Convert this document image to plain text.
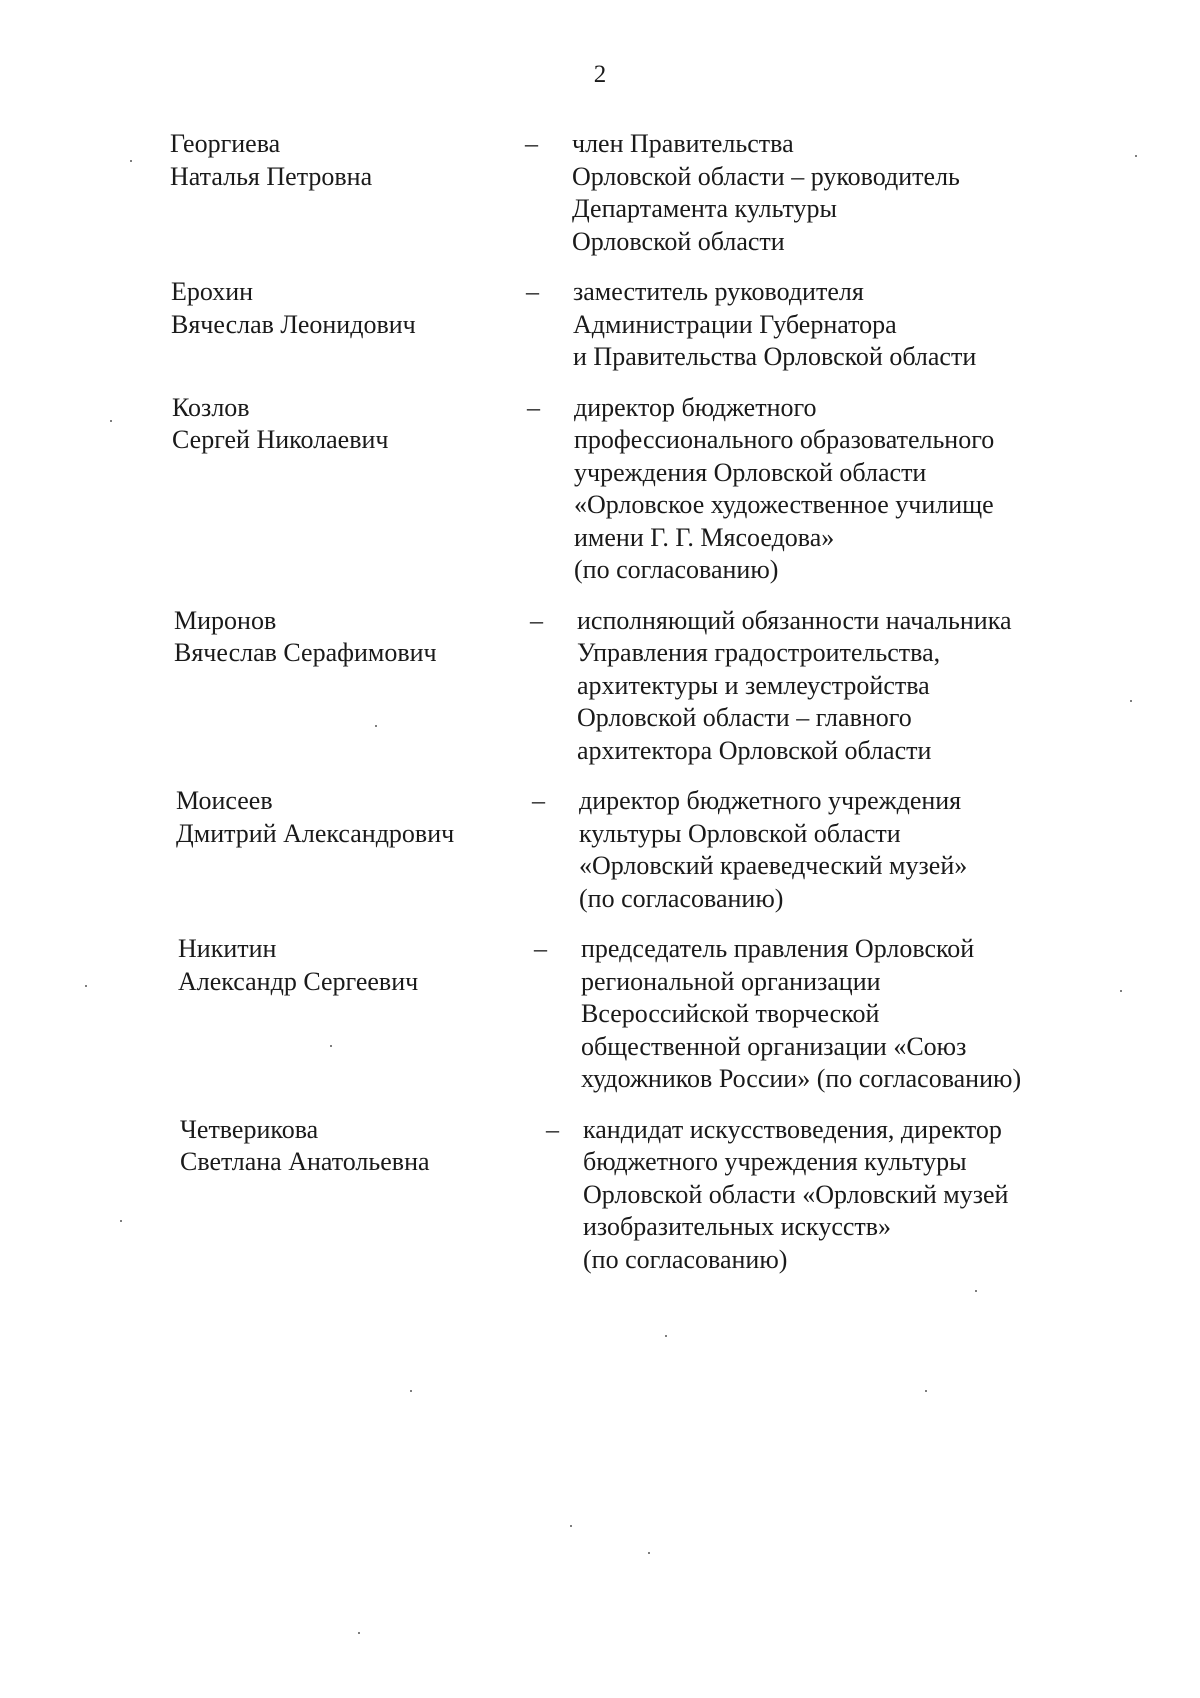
2
Георгиева
Наталья Петровна
– член Правительства
Орловской области – руководитель
Департамента культуры
Орловской области
Ерохин
Вячеслав Леонидович
– заместитель руководителя
Администрации Губернатора
и Правительства Орловской области
Козлов
Сергей Николаевич
– директор бюджетного
профессионального образовательного
учреждения Орловской области
«Орловское художественное училище
имени Г. Г. Мясоедова»
(по согласованию)
Миронов
Вячеслав Серафимович
– исполняющий обязанности начальника
Управления градостроительства,
архитектуры и землеустройства
Орловской области – главного
архитектора Орловской области
Моисеев
Дмитрий Александрович
– директор бюджетного учреждения
культуры Орловской области
«Орловский краеведческий музей»
(по согласованию)
Никитин
Александр Сергеевич
– председатель правления Орловской
региональной организации
Всероссийской творческой
общественной организации «Союз
художников России» (по согласованию)
Четверикова
Светлана Анатольевна
– кандидат искусствоведения, директор
бюджетного учреждения культуры
Орловской области «Орловский музей
изобразительных искусств»
(по согласованию)
